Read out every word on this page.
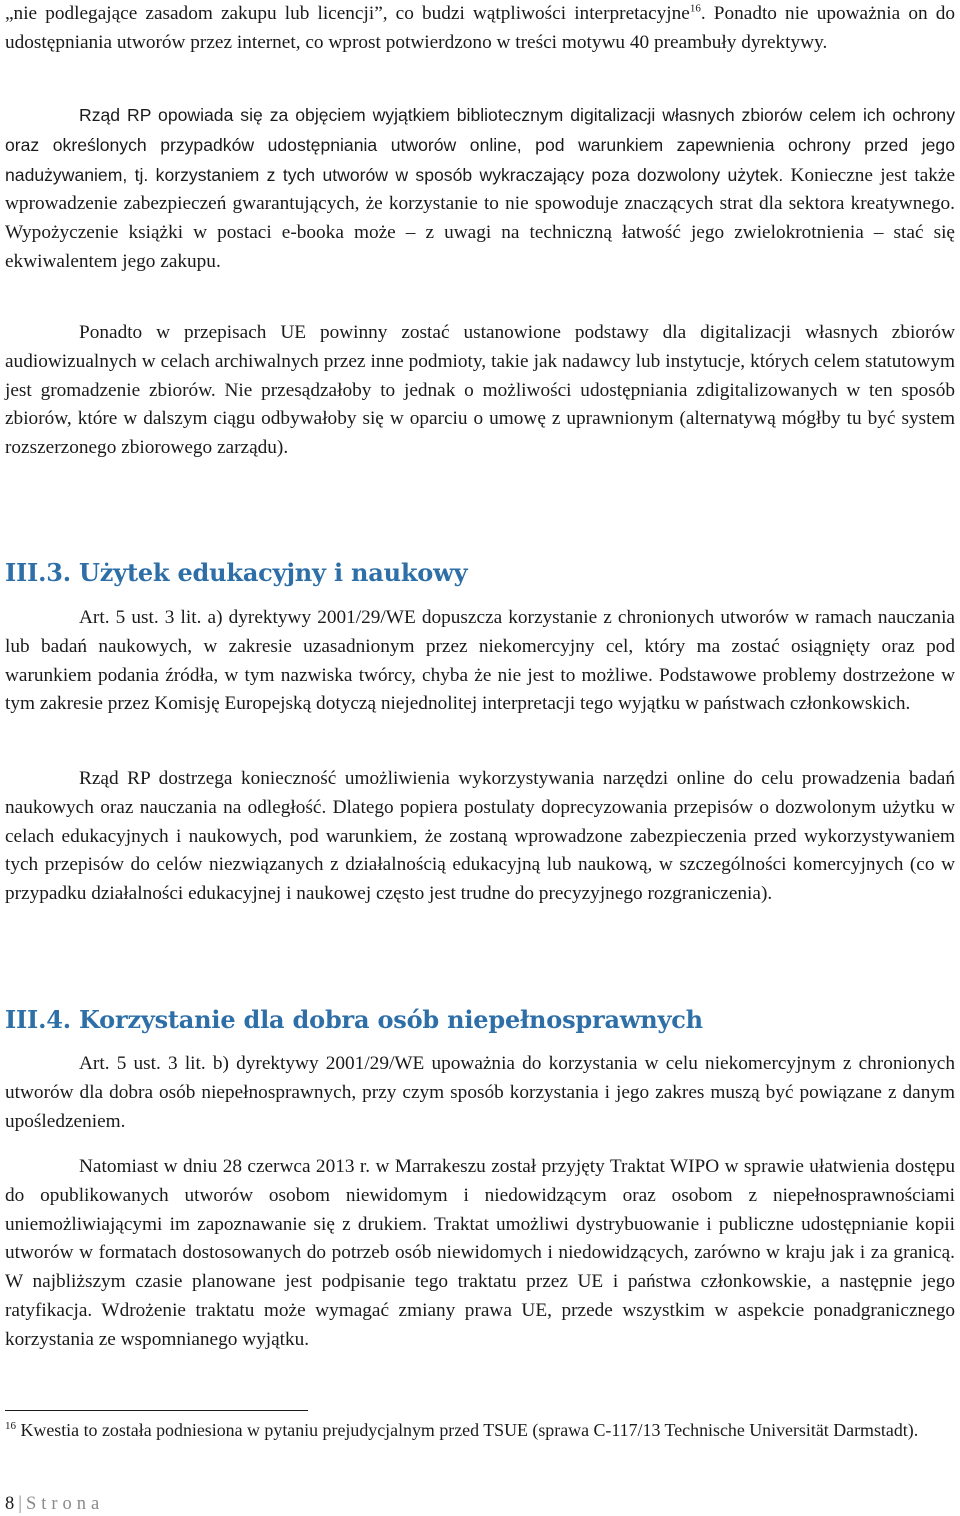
„nie podlegające zasadom zakupu lub licencji”, co budzi wątpliwości interpretacyjne$^{16}$. Ponadto nie upoważnia on do udostępniania utworów przez internet, co wprost potwierdzono w treści motywu 40 preambuły dyrektywy.

Rząd RP opowiada się za objęciem wyjątkiem bibliotecznym digitalizacji własnych zbiorów celem ich ochrony oraz określonych przypadków udostępniania utworów online, pod warunkiem zapewnienia ochrony przed jego nadużywaniem, tj. korzystaniem z tych utworów w sposób wykraczający poza dozwolony użytek. Konieczne jest także wprowadzenie zabezpieczeń gwarantujących, że korzystanie to nie spowoduje znaczących strat dla sektora kreatywnego. Wypożyczenie książki w postaci e-booka może – z uwagi na techniczną łatwość jego zwielokrotnienia – stać się ekwiwalentem jego zakupu.

Ponadto w przepisach UE powinny zostać ustanowione podstawy dla digitalizacji własnych zbiorów audiowizualnych w celach archiwalnych przez inne podmioty, takie jak nadawcy lub instytucje, których celem statutowym jest gromadzenie zbiorów. Nie przesądzałoby to jednak o możliwości udostępniania zdigitalizowanych w ten sposób zbiorów, które w dalszym ciągu odbywałoby się w oparciu o umowę z uprawnionym (alternatywą mógłby tu być system rozszerzonego zbiorowego zarządu).

III.3. Użytek edukacyjny i naukowy

Art. 5 ust. 3 lit. a) dyrektywy 2001/29/WE dopuszcza korzystanie z chronionych utworów w ramach nauczania lub badań naukowych, w zakresie uzasadnionym przez niekomercyjny cel, który ma zostać osiągnięty oraz pod warunkiem podania źródła, w tym nazwiska twórcy, chyba że nie jest to możliwe. Podstawowe problemy dostrzeżone w tym zakresie przez Komisję Europejską dotyczą niejednolitej interpretacji tego wyjątku w państwach członkowskich.

Rząd RP dostrzega konieczność umożliwienia wykorzystywania narzędzi online do celu prowadzenia badań naukowych oraz nauczania na odległość. Dlatego popiera postulaty doprecyzowania przepisów o dozwolonym użytku w celach edukacyjnych i naukowych, pod warunkiem, że zostaną wprowadzone zabezpieczenia przed wykorzystywaniem tych przepisów do celów niezwiązanych z działalnością edukacyjną lub naukową, w szczególności komercyjnych (co w przypadku działalności edukacyjnej i naukowej często jest trudne do precyzyjnego rozgraniczenia).

III.4. Korzystanie dla dobra osób niepełnosprawnych

Art. 5 ust. 3 lit. b) dyrektywy 2001/29/WE upoważnia do korzystania w celu niekomercyjnym z chronionych utworów dla dobra osób niepełnosprawnych, przy czym sposób korzystania i jego zakres muszą być powiązane z danym upośledzeniem.

Natomiast w dniu 28 czerwca 2013 r. w Marrakeszu został przyjęty Traktat WIPO w sprawie ułatwienia dostępu do opublikowanych utworów osobom niewidomym i niedowidzącym oraz osobom z niepełnosprawnościami uniemożliwiającymi im zapoznawanie się z drukiem. Traktat umożliwi dystrybuowanie i publiczne udostępnianie kopii utworów w formatach dostosowanych do potrzeb osób niewidomych i niedowidzących, zarówno w kraju jak i za granicą. W najbliższym czasie planowane jest podpisanie tego traktatu przez UE i państwa członkowskie, a następnie jego ratyfikacja. Wdrożenie traktatu może wymagać zmiany prawa UE, przede wszystkim w aspekcie ponadgranicznego korzystania ze wspomnianego wyjątku.

$^{16}$ Kwestia to została podniesiona w pytaniu prejudycjalnym przed TSUE (sprawa C-117/13 Technische Universität Darmstadt).

8 | Strona
